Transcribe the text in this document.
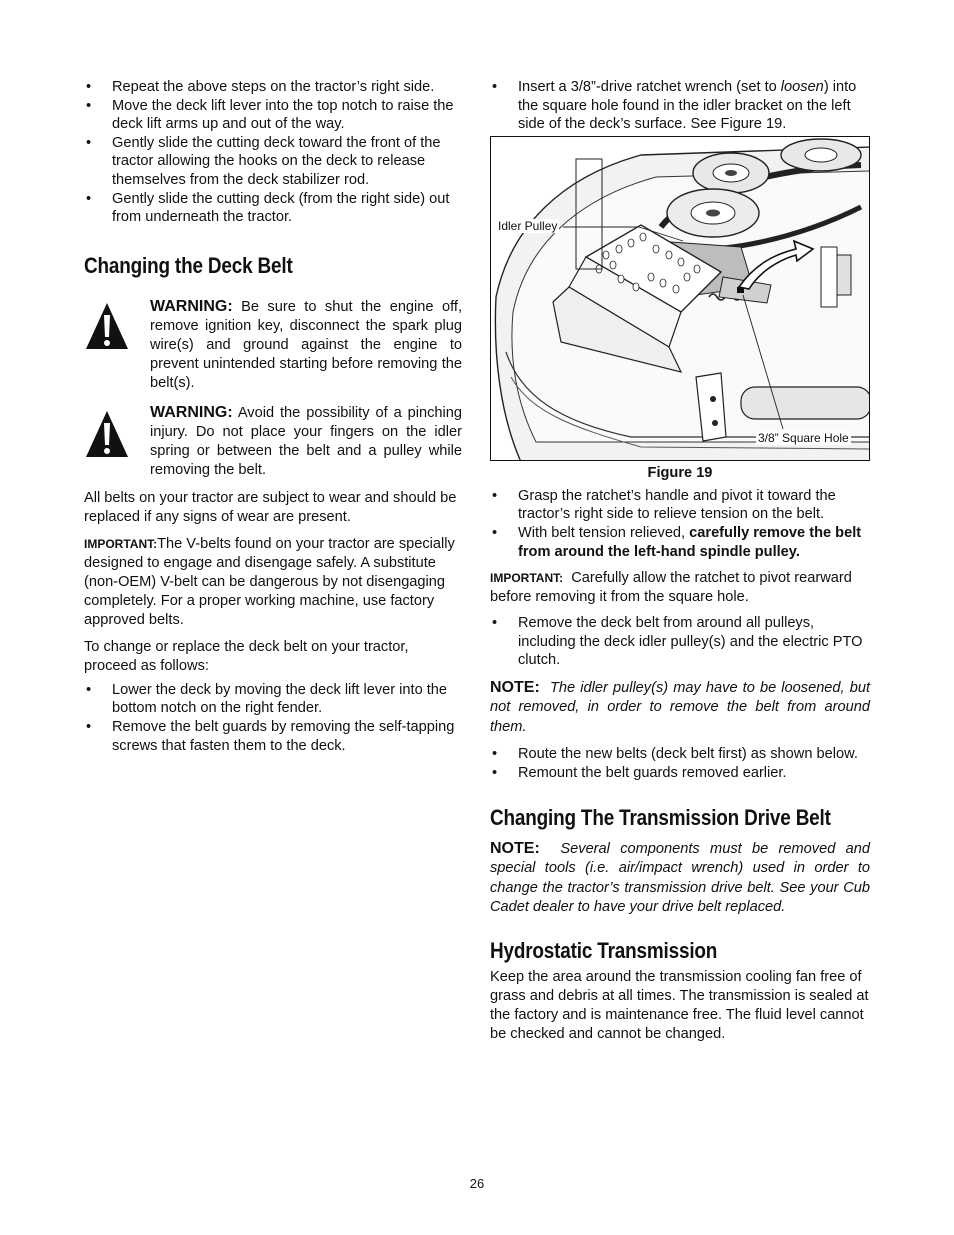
• Repeat the above steps on the tractor’s right side.
• Move the deck lift lever into the top notch to raise the deck lift arms up and out of the way.
• Gently slide the cutting deck toward the front of the tractor allowing the hooks on the deck to release themselves from the deck stabilizer rod.
• Gently slide the cutting deck (from the right side) out from underneath the tractor.
Changing the Deck Belt
WARNING: Be sure to shut the engine off, remove ignition key, disconnect the spark plug wire(s) and ground against the engine to prevent unintended starting before removing the belt(s).
WARNING: Avoid the possibility of a pinching injury. Do not place your fingers on the idler spring or between the belt and a pulley while removing the belt.

All belts on your tractor are subject to wear and should be replaced if any signs of wear are present.

IMPORTANT:The V-belts found on your tractor are specially designed to engage and disengage safely. A substitute (non-OEM) V-belt can be dangerous by not disengaging completely. For a proper working machine, use factory approved belts.

To change or replace the deck belt on your tractor, proceed as follows:

• Lower the deck by moving the deck lift lever into the bottom notch on the right fender.
• Remove the belt guards by removing the self-tapping screws that fasten them to the deck.
• Insert a 3/8”-drive ratchet wrench (set to loosen) into the square hole found in the idler bracket on the left side of the deck’s surface. See Figure 19.
Idler Pulley
3/8” Square Hole
Figure 19
• Grasp the ratchet’s handle and pivot it toward the tractor’s right side to relieve tension on the belt.
• With belt tension relieved, carefully remove the belt from around the left-hand spindle pulley.

IMPORTANT: Carefully allow the ratchet to pivot rearward before removing it from the square hole.

• Remove the deck belt from around all pulleys, including the deck idler pulley(s) and the electric PTO clutch.

NOTE: The idler pulley(s) may have to be loosened, but not removed, in order to remove the belt from around them.

• Route the new belts (deck belt first) as shown below.
• Remount the belt guards removed earlier.
Changing The Transmission Drive Belt

NOTE: Several components must be removed and special tools (i.e. air/impact wrench) used in order to change the tractor’s transmission drive belt. See your Cub Cadet dealer to have your drive belt replaced.

Hydrostatic Transmission

Keep the area around the transmission cooling fan free of grass and debris at all times. The transmission is sealed at the factory and is maintenance free. The fluid level cannot be checked and cannot be changed.

26
